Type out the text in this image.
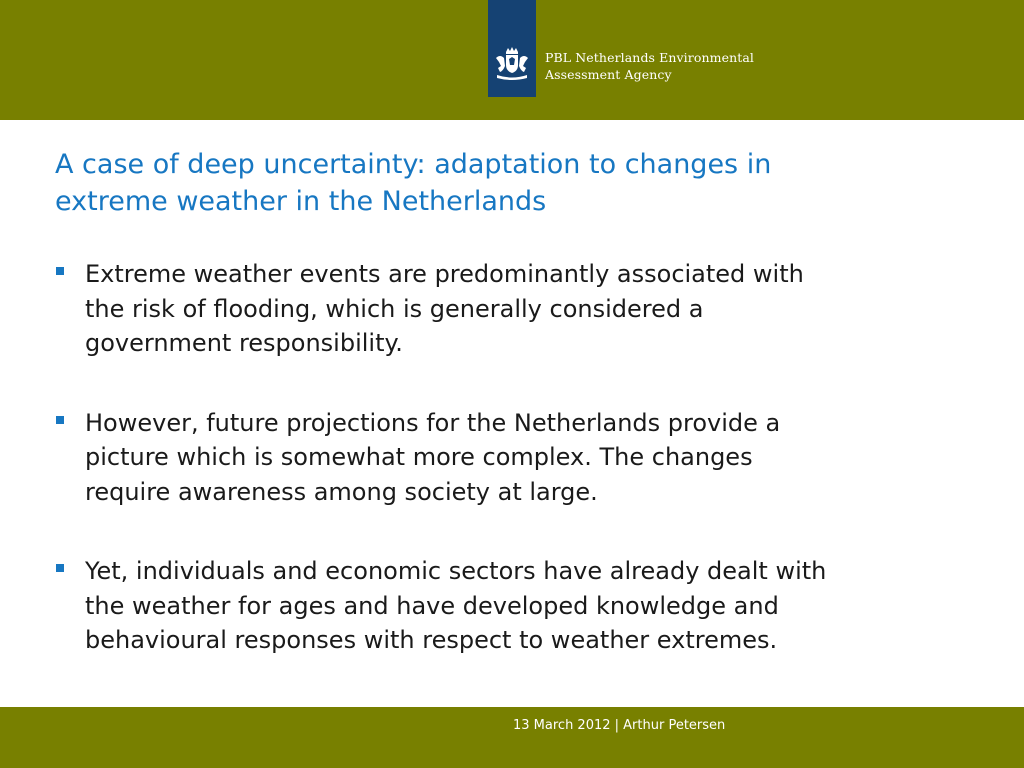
PBL Netherlands Environmental
Assessment Agency
A case of deep uncertainty: adaptation to changes in
extreme weather in the Netherlands
Extreme weather events are predominantly associated with
the risk of flooding, which is generally considered a
government responsibility.
However, future projections for the Netherlands provide a
picture which is somewhat more complex. The changes
require awareness among society at large.
Yet, individuals and economic sectors have already dealt with
the weather for ages and have developed knowledge and
behavioural responses with respect to weather extremes.
13 March 2012 | Arthur Petersen
